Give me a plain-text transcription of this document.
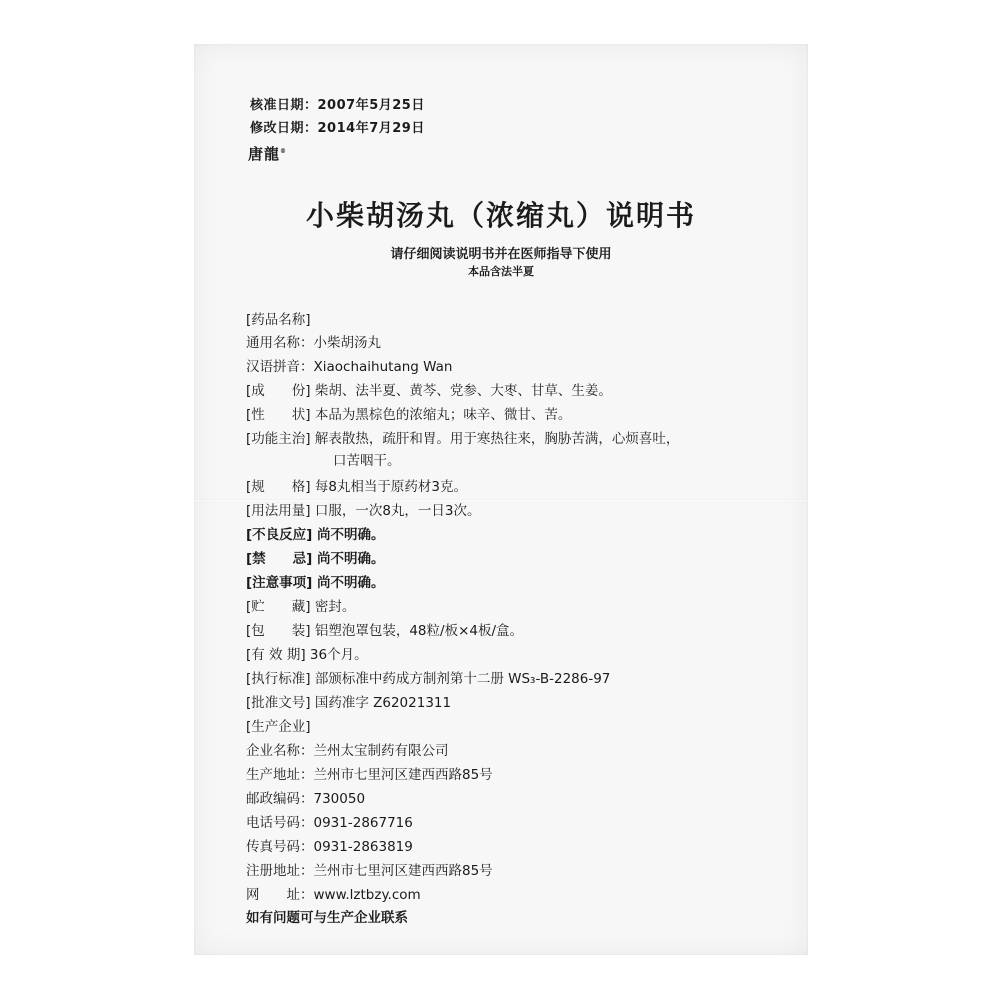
核准日期：2007年5月25日
修改日期：2014年7月29日
唐龍®
小柴胡汤丸（浓缩丸）说明书
请仔细阅读说明书并在医师指导下使用
本品含法半夏
[药品名称]
通用名称：小柴胡汤丸
汉语拼音：Xiaochaihutang Wan
[成　　份] 柴胡、法半夏、黄芩、党参、大枣、甘草、生姜。
[性　　状] 本品为黑棕色的浓缩丸；味辛、微甘、苦。
[功能主治] 解表散热，疏肝和胃。用于寒热往来，胸胁苦满，心烦喜吐，
口苦咽干。
[规　　格] 每8丸相当于原药材3克。
[用法用量] 口服，一次8丸，一日3次。
[不良反应] 尚不明确。
[禁　　忌] 尚不明确。
[注意事项] 尚不明确。
[贮　　藏] 密封。
[包　　装] 铝塑泡罩包装，48粒/板×4板/盒。
[有 效 期] 36个月。
[执行标准] 部颁标准中药成方制剂第十二册 WS₃-B-2286-97
[批准文号] 国药准字 Z62021311
[生产企业]
企业名称：兰州太宝制药有限公司
生产地址：兰州市七里河区建西西路85号
邮政编码：730050
电话号码：0931-2867716
传真号码：0931-2863819
注册地址：兰州市七里河区建西西路85号
网　　址：www.lztbzy.com
如有问题可与生产企业联系
